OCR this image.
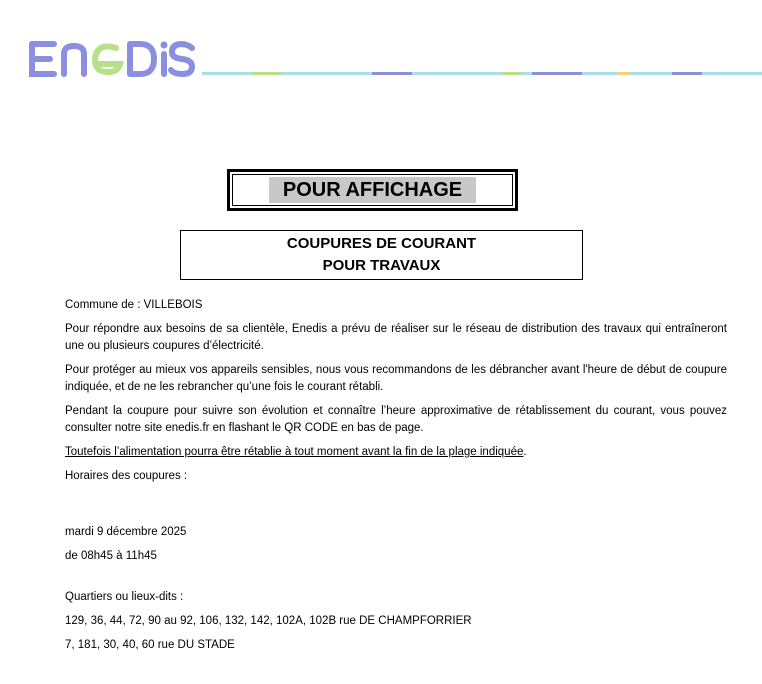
POUR AFFICHAGE
COUPURES DE COURANT
POUR TRAVAUX

Commune de : VILLEBOIS

Pour répondre aux besoins de sa clientèle, Enedis a prévu de réaliser sur le réseau de distribution des travaux qui entraîneront une ou plusieurs coupures d’électricité.

Pour protéger au mieux vos appareils sensibles, nous vous recommandons de les débrancher avant l'heure de début de coupure indiquée, et de ne les rebrancher qu’une fois le courant rétabli.

Pendant la coupure pour suivre son évolution et connaître l’heure approximative de rétablissement du courant, vous pouvez consulter notre site enedis.fr en flashant le QR CODE en bas de page.

Toutefois l’alimentation pourra être rétablie à tout moment avant la fin de la plage indiquée.

Horaires des coupures :

mardi 9 décembre 2025

de 08h45 à 11h45

Quartiers ou lieux-dits :

129, 36, 44, 72, 90 au 92, 106, 132, 142, 102A, 102B rue DE CHAMPFORRIER

7, 181, 30, 40, 60 rue DU STADE
